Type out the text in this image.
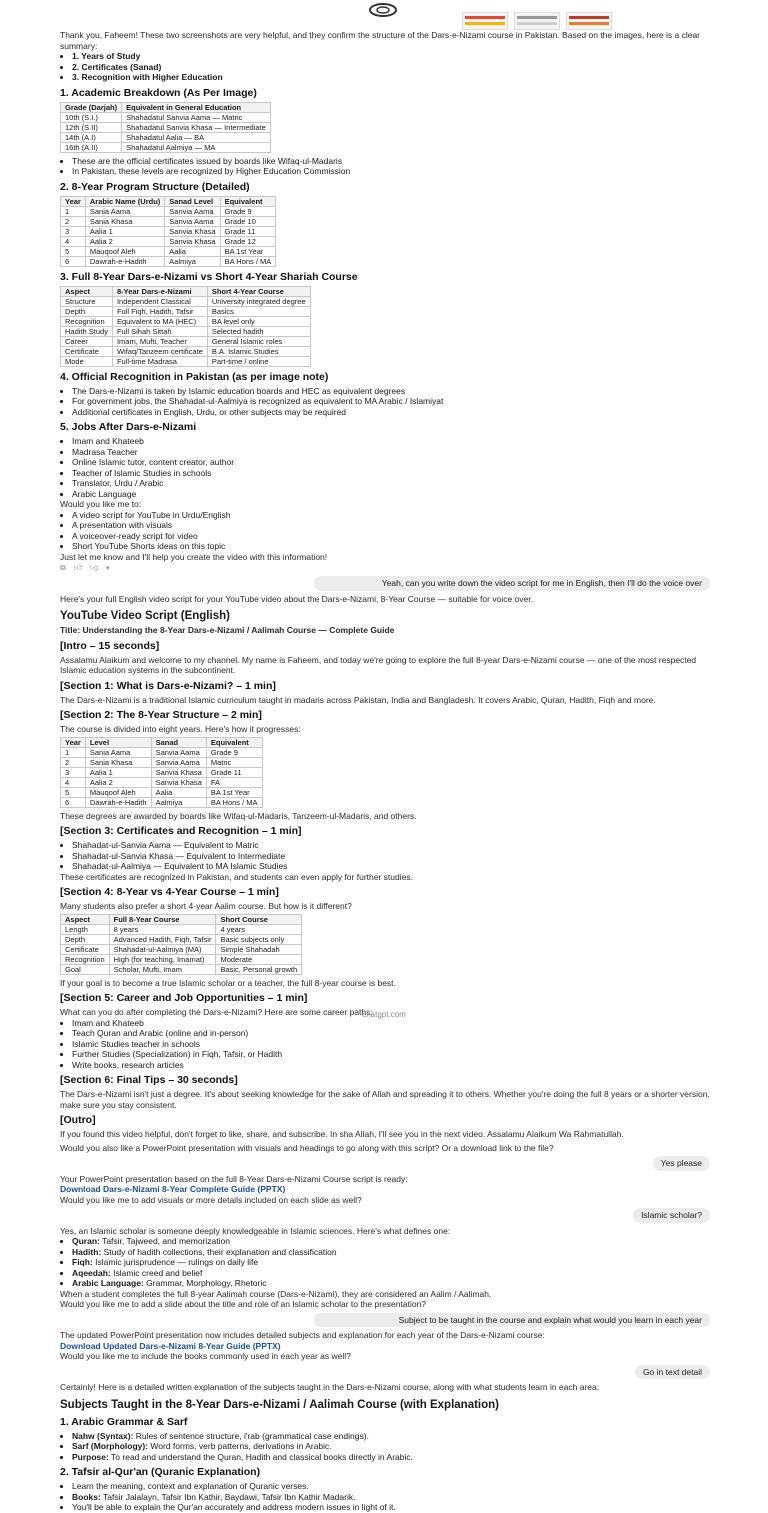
Thank you, Faheem! These two screenshots are very helpful, and they confirm the structure of the Dars-e-Nizami course in Pakistan. Based on the images, here is a clear summary:

• 1. Years of Study
• 2. Certificates (Sanad)
• 3. Recognition with Higher Education
1. Academic Breakdown (As Per Image)
Grade (Darjah)	Equivalent in General Education
10th (S.I.)	Shahadatul Sanvia Aama — Matric
12th (S.II)	Shahadatul Sanvia Khasa — Intermediate
14th (A.I)	Shahadatul Aalia — BA
16th (A.II)	Shahadatul Aalmiya — MA
• These are the official certificates issued by boards like Wifaq-ul-Madaris
• In Pakistan, these levels are recognized by Higher Education Commission
2. 8-Year Program Structure (Detailed)
Year	Arabic Name (Urdu)	Sanad Level	Equivalent
1	Sania Aama	Sanvia Aama	Grade 9
2	Sania Khasa	Sanvia Aama	Grade 10
3	Aalia 1	Sanvia Khasa	Grade 11
4	Aalia 2	Sanvia Khasa	Grade 12
5	Mauqoof Aleh	Aalia	BA 1st Year
6	Dawrah-e-Hadith	Aalmiya	BA Hons / MA
3. Full 8-Year Dars-e-Nizami vs Short 4-Year Shariah Course
Aspect	8-Year Dars-e-Nizami	Short 4-Year Course
Structure	Independent Classical	University integrated degree
Depth	Full Fiqh, Hadith, Tafsir	Basics
Recognition	Equivalent to MA (HEC)	BA level only
Hadith Study	Full Sihah Sittah	Selected hadith
Career	Imam, Mufti, Teacher	General Islamic roles
Certificate	Wifaq/Tanzeem certificate	B.A. Islamic Studies
Mode	Full-time Madrasa	Part-time / online
4. Official Recognition in Pakistan (as per image note)
• The Dars-e-Nizami is taken by Islamic education boards and HEC as equivalent degrees
• For government jobs, the Shahadat-ul-Aalmiya is recognized as equivalent to MA Arabic / Islamiyat
• Additional certificates in English, Urdu, or other subjects may be required
5. Jobs After Dars-e-Nizami
• Imam and Khateeb
• Madrasa Teacher
• Online Islamic tutor, content creator, author
• Teacher of Islamic Studies in schools
• Translator, Urdu / Arabic
• Arabic Language

Would you like me to:

• A video script for YouTube in Urdu/English
• A presentation with visuals
• A voiceover-ready script for video
• Short YouTube Shorts ideas on this topic

Just let me know and I'll help you create the video with this information!

⧉ 👍︎ 👎︎ 🔈︎
Yeah, can you write down the video script for me in English, then I'll do the voice over

Here's your full English video script for your YouTube video about the Dars-e-Nizami, 8-Year Course — suitable for voice over.

YouTube Video Script (English)

Title: Understanding the 8-Year Dars-e-Nizami / Aalimah Course — Complete Guide

[Intro – 15 seconds]

Assalamu Alaikum and welcome to my channel. My name is Faheem, and today we're going to explore the full 8-year Dars-e-Nizami course — one of the most respected Islamic education systems in the subcontinent.

[Section 1: What is Dars-e-Nizami? – 1 min]

The Dars-e-Nizami is a traditional Islamic curriculum taught in madaris across Pakistan, India and Bangladesh. It covers Arabic, Quran, Hadith, Fiqh and more.

[Section 2: The 8-Year Structure – 2 min]

The course is divided into eight years. Here's how it progresses:

Year	Level	Sanad	Equivalent
1	Sania Aama	Sanvia Aama	Grade 9
2	Sania Khasa	Sanvia Aama	Matric
3	Aalia 1	Sanvia Khasa	Grade 11
4	Aalia 2	Sanvia Khasa	FA
5	Mauqoof Aleh	Aalia	BA 1st Year
6	Dawrah-e-Hadith	Aalmiya	BA Hons / MA

These degrees are awarded by boards like Wifaq-ul-Madaris, Tanzeem-ul-Madaris, and others.

[Section 3: Certificates and Recognition – 1 min]
• Shahadat-ul-Sanvia Aama — Equivalent to Matric
• Shahadat-ul-Sanvia Khasa — Equivalent to Intermediate
• Shahadat-ul-Aalmiya — Equivalent to MA Islamic Studies

These certificates are recognized in Pakistan, and students can even apply for further studies.

[Section 4: 8-Year vs 4-Year Course – 1 min]

Many students also prefer a short 4-year Aalim course. But how is it different?

Aspect	Full 8-Year Course	Short Course
Length	8 years	4 years
Depth	Advanced Hadith, Fiqh, Tafsir	Basic subjects only
Certificate	Shahadat-ul-Aalmiya (MA)	Simple Shahadah
Recognition	High (for teaching, Imamat)	Moderate
Goal	Scholar, Mufti, Imam	Basic, Personal growth

If your goal is to become a true Islamic scholar or a teacher, the full 8-year course is best.

[Section 5: Career and Job Opportunities – 1 min]

What can you do after completing the Dars-e-Nizami? Here are some career paths:

• Imam and Khateeb
• Teach Quran and Arabic (online and in-person)
• Islamic Studies teacher in schools
• Further Studies (Specialization) in Fiqh, Tafsir, or Hadith
• Write books, research articles
[Section 6: Final Tips – 30 seconds]

The Dars-e-Nizami isn't just a degree. It's about seeking knowledge for the sake of Allah and spreading it to others. Whether you're doing the full 8 years or a shorter version, make sure you stay consistent.

[Outro]

If you found this video helpful, don't forget to like, share, and subscribe. In sha Allah, I'll see you in the next video. Assalamu Alaikum Wa Rahmatullah.

Would you also like a PowerPoint presentation with visuals and headings to go along with this script? Or a download link to the file?

Yes please

Your PowerPoint presentation based on the full 8-Year Dars-e-Nizami Course script is ready:

Download Dars-e-Nizami 8-Year Complete Guide (PPTX)

Would you like me to add visuals or more details included on each slide as well?

Islamic scholar?

Yes, an Islamic scholar is someone deeply knowledgeable in Islamic sciences. Here's what defines one:

• Quran: Tafsir, Tajweed, and memorization
• Hadith: Study of hadith collections, their explanation and classification
• Fiqh: Islamic jurisprudence — rulings on daily life
• Aqeedah: Islamic creed and belief
• Arabic Language: Grammar, Morphology, Rhetoric

When a student completes the full 8-year Aalimah course (Dars-e-Nizami), they are considered an Aalim / Aalimah.

Would you like me to add a slide about the title and role of an Islamic scholar to the presentation?

Subject to be taught in the course and explain what would you learn in each year

The updated PowerPoint presentation now includes detailed subjects and explanation for each year of the Dars-e-Nizami course:

Download Updated Dars-e-Nizami 8-Year Guide (PPTX)

Would you like me to include the books commonly used in each year as well?

Go in text detail

Certainly! Here is a detailed written explanation of the subjects taught in the Dars-e-Nizami course, along with what students learn in each area:

Subjects Taught in the 8-Year Dars-e-Nizami / Aalimah Course (with Explanation)
1. Arabic Grammar & Sarf
• Nahw (Syntax): Rules of sentence structure, i'rab (grammatical case endings).
• Sarf (Morphology): Word forms, verb patterns, derivations in Arabic.
• Purpose: To read and understand the Quran, Hadith and classical books directly in Arabic.
2. Tafsir al-Qur'an (Quranic Explanation)
• Learn the meaning, context and explanation of Quranic verses.
• Books: Tafsir Jalalayn, Tafsir Ibn Kathir, Baydawi, Tafsir Ibn Kathir Madarik.
• You'll be able to explain the Qur'an accurately and address modern issues in light of it.
chatgpt.com
